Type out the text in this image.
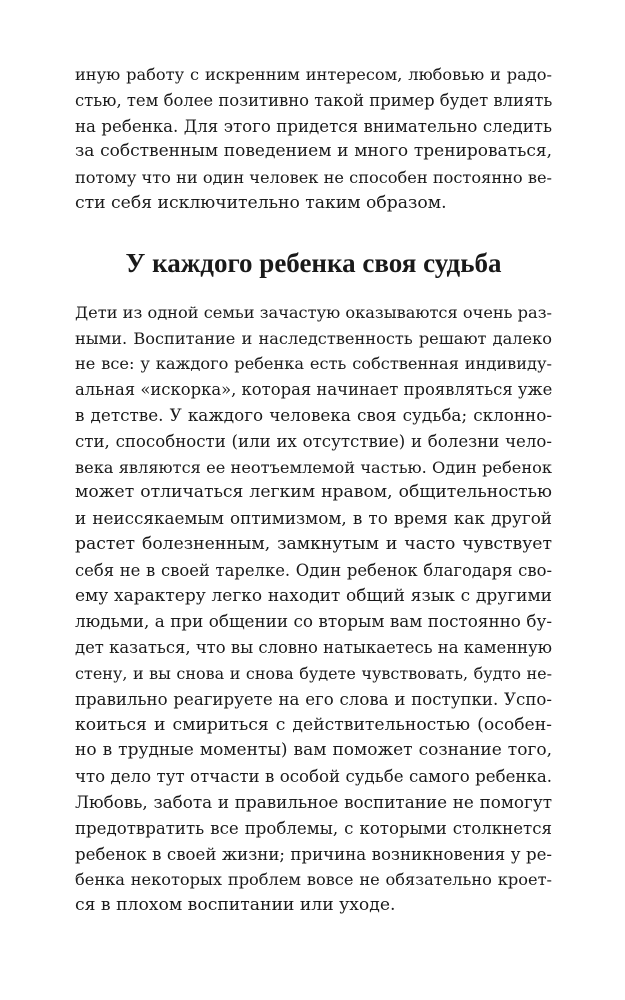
иную работу с искренним интересом, любовью и радо-
стью, тем более позитивно такой пример будет влиять
на ребенка. Для этого придется внимательно следить
за собственным поведением и много тренироваться,
потому что ни один человек не способен постоянно ве-
сти себя исключительно таким образом.
У каждого ребенка своя судьба
Дети из одной семьи зачастую оказываются очень раз-
ными. Воспитание и наследственность решают далеко
не все: у каждого ребенка есть собственная индивиду-
альная «искорка», которая начинает проявляться уже
в детстве. У каждого человека своя судьба; склонно-
сти, способности (или их отсутствие) и болезни чело-
века являются ее неотъемлемой частью. Один ребенок
может отличаться легким нравом, общительностью
и неиссякаемым оптимизмом, в то время как другой
растет болезненным, замкнутым и часто чувствует
себя не в своей тарелке. Один ребенок благодаря сво-
ему характеру легко находит общий язык с другими
людьми, а при общении со вторым вам постоянно бу-
дет казаться, что вы словно натыкаетесь на каменную
стену, и вы снова и снова будете чувствовать, будто не-
правильно реагируете на его слова и поступки. Успо-
коиться и смириться с действительностью (особен-
но в трудные моменты) вам поможет сознание того,
что дело тут отчасти в особой судьбе самого ребенка.
Любовь, забота и правильное воспитание не помогут
предотвратить все проблемы, с которыми столкнется
ребенок в своей жизни; причина возникновения у ре-
бенка некоторых проблем вовсе не обязательно кроет-
ся в плохом воспитании или уходе.
